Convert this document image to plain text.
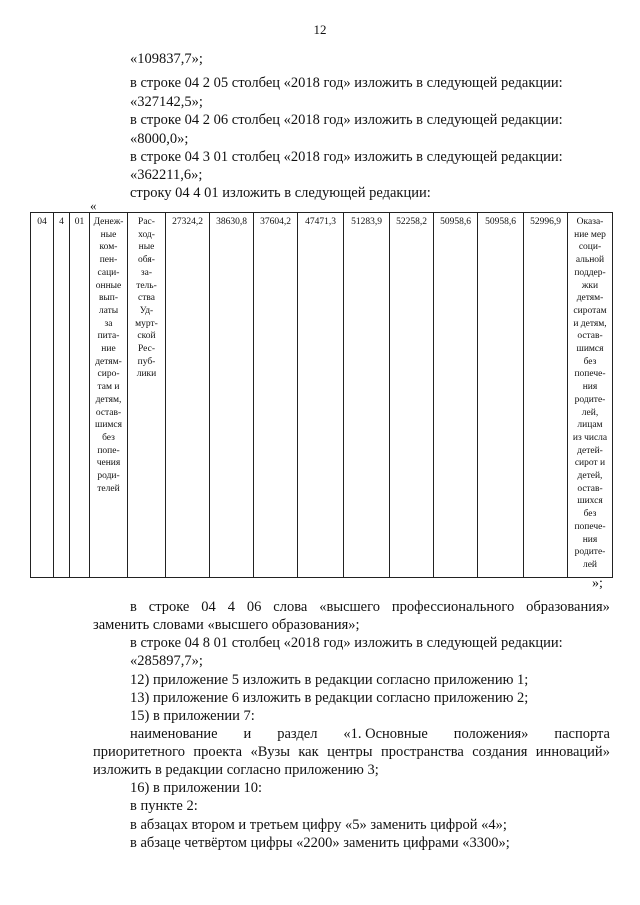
12
«109837,7»;
в строке 04 2 05 столбец «2018 год» изложить в следующей редакции:
«327142,5»;
в строке 04 2 06 столбец «2018 год» изложить в следующей редакции:
«8000,0»;
в строке 04 3 01 столбец «2018 год» изложить в следующей редакции:
«362211,6»;
строку 04 4 01 изложить в следующей редакции:
«
04	4	01	Денеж-
ные
ком-
пен-
саци-
онные
вып-
латы
за
пита-
ние
детям-
сиро-
там и
детям,
остав-
шимся
без
попе-
чения
роди-
телей	Рас-
ход-
ные
обя-
за-
тель-
ства
Уд-
мурт-
ской
Рес-
пуб-
лики	27324,2	38630,8	37604,2	47471,3	51283,9	52258,2	50958,6	50958,6	52996,9	Оказа-
ние мер
соци-
альной
поддер-
жки
детям-
сиротам
и детям,
остав-
шимся
без
попече-
ния
родите-
лей,
лицам
из числа
детей-
сирот и
детей,
остав-
шихся
без
попече-
ния
родите-
лей
»;
в строке 04 4 06 слова «высшего профессионального образования»
заменить словами «высшего образования»;
в строке 04 8 01 столбец «2018 год» изложить в следующей редакции:
«285897,7»;
12) приложение 5 изложить в редакции согласно приложению 1;
13) приложение 6 изложить в редакции согласно приложению 2;
15) в приложении 7:
наименование и раздел «1. Основные положения» паспорта
приоритетного проекта «Вузы как центры пространства создания инноваций»
изложить в редакции согласно приложению 3;
16) в приложении 10:
в пункте 2:
в абзацах втором и третьем цифру «5» заменить цифрой «4»;
в абзаце четвёртом цифры «2200» заменить цифрами «3300»;
